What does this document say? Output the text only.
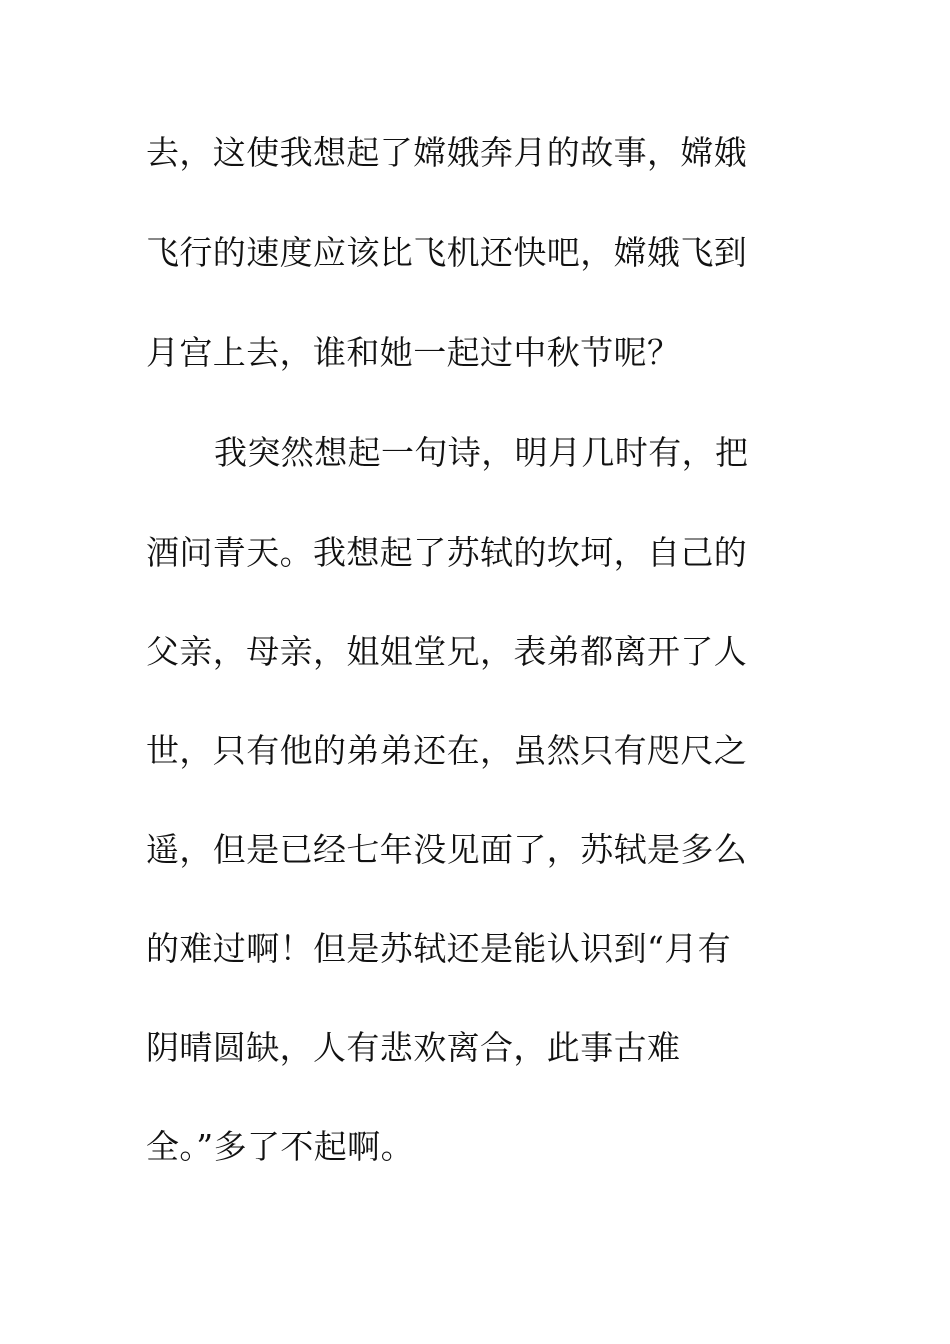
去，这使我想起了嫦娥奔月的故事，嫦娥
飞行的速度应该比飞机还快吧，嫦娥飞到
月宫上去，谁和她一起过中秋节呢？
我突然想起一句诗，明月几时有，把
酒问青天。我想起了苏轼的坎坷，自己的
父亲，母亲，姐姐堂兄，表弟都离开了人
世，只有他的弟弟还在，虽然只有咫尺之
遥，但是已经七年没见面了，苏轼是多么
的难过啊！但是苏轼还是能认识到“月有
阴晴圆缺，人有悲欢离合，此事古难
全。”多了不起啊。
